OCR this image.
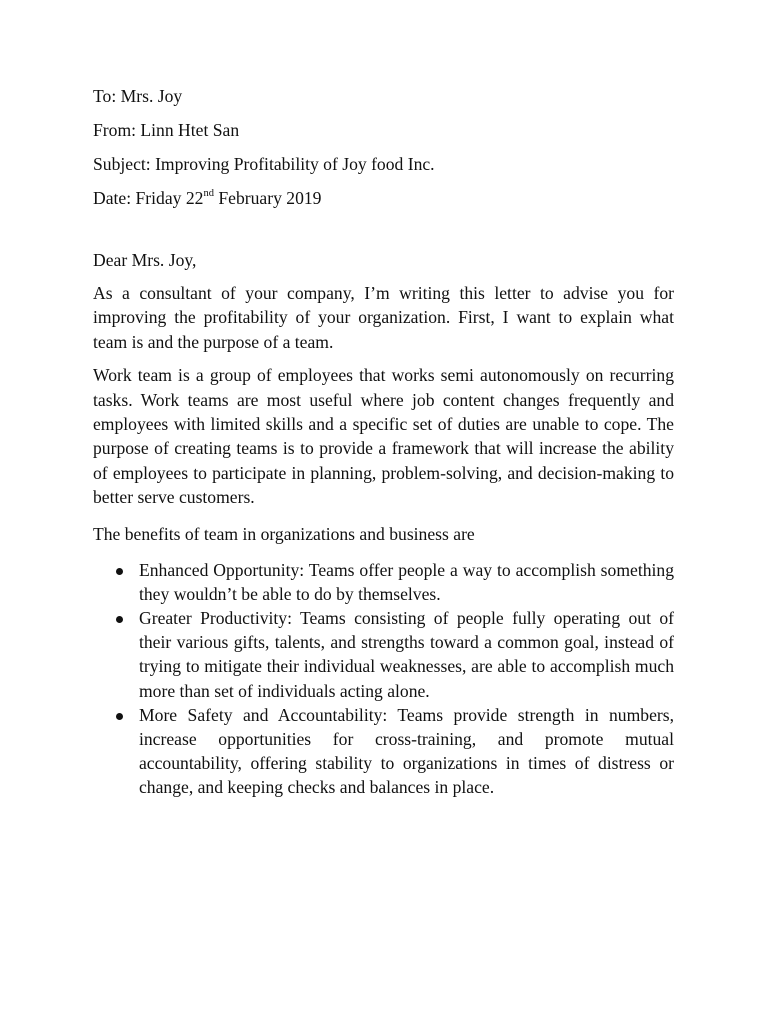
To: Mrs. Joy
From: Linn Htet San
Subject: Improving Profitability of Joy food Inc.
Date: Friday 22nd February 2019
Dear Mrs. Joy,

As a consultant of your company, I’m writing this letter to advise you for improving the profitability of your organization. First, I want to explain what team is and the purpose of a team.

Work team is a group of employees that works semi autonomously on recurring tasks. Work teams are most useful where job content changes frequently and employees with limited skills and a specific set of duties are unable to cope. The purpose of creating teams is to provide a framework that will increase the ability of employees to participate in planning, problem-solving, and decision-making to better serve customers.

The benefits of team in organizations and business are
Enhanced Opportunity: Teams offer people a way to accomplish something they wouldn’t be able to do by themselves.
Greater Productivity: Teams consisting of people fully operating out of their various gifts, talents, and strengths toward a common goal, instead of trying to mitigate their individual weaknesses, are able to accomplish much more than set of individuals acting alone.
More Safety and Accountability: Teams provide strength in numbers, increase opportunities for cross-training, and promote mutual accountability, offering stability to organizations in times of distress or change, and keeping checks and balances in place.
